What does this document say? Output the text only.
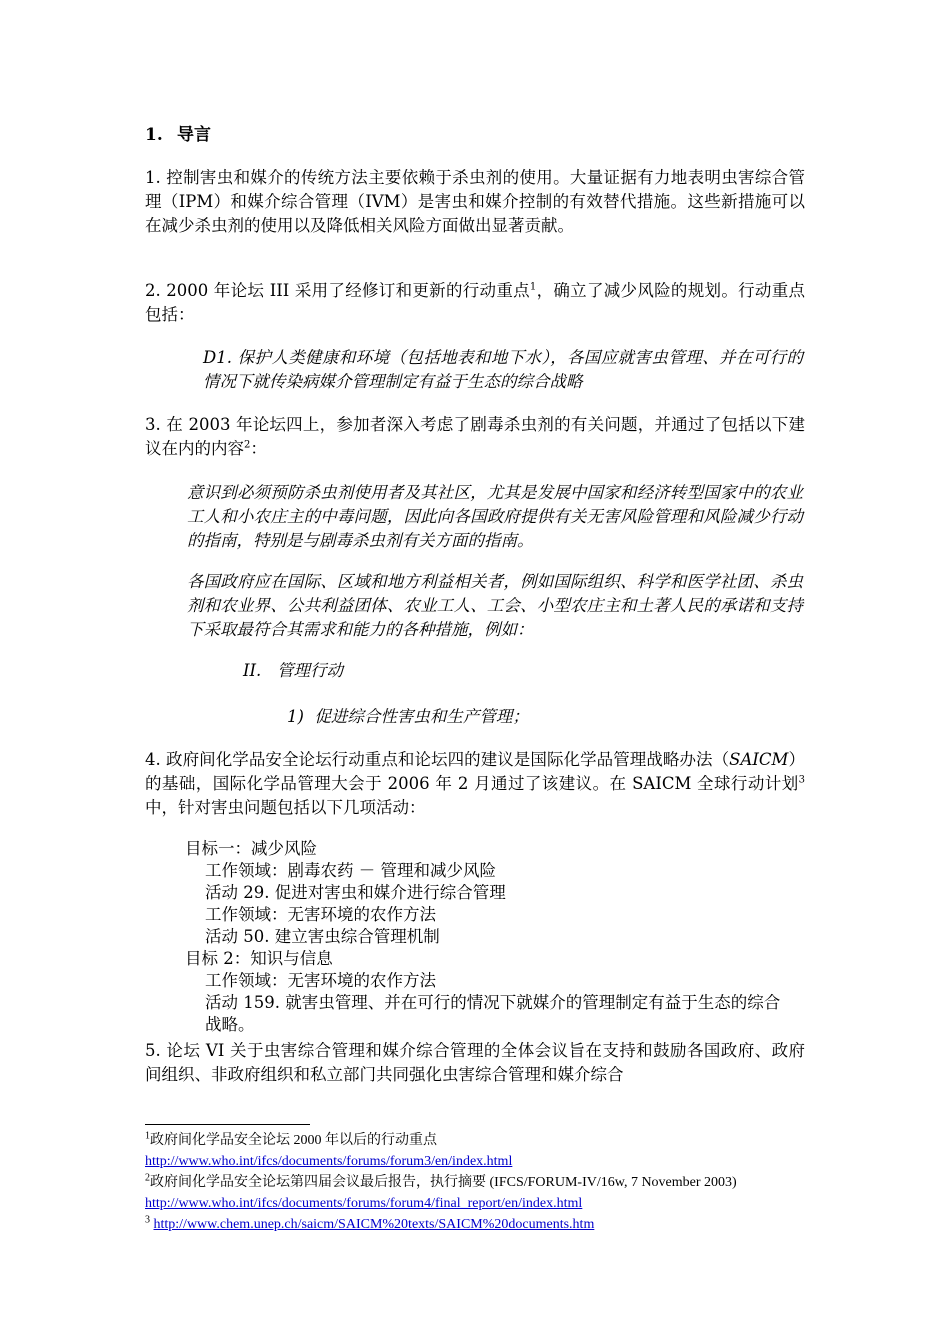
1. 导言
1. 控制害虫和媒介的传统方法主要依赖于杀虫剂的使用。大量证据有力地表明虫害综合管理（IPM）和媒介综合管理（IVM）是害虫和媒介控制的有效替代措施。这些新措施可以在减少杀虫剂的使用以及降低相关风险方面做出显著贡献。
2. 2000 年论坛 III 采用了经修订和更新的行动重点$^1$，确立了减少风险的规划。行动重点包括：
D1. 保护人类健康和环境（包括地表和地下水），各国应就害虫管理、并在可行的情况下就传染病媒介管理制定有益于生态的综合战略
3. 在 2003 年论坛四上，参加者深入考虑了剧毒杀虫剂的有关问题，并通过了包括以下建议在内的内容$^2$：
意识到必须预防杀虫剂使用者及其社区，尤其是发展中国家和经济转型国家中的农业工人和小农庄主的中毒问题，因此向各国政府提供有关无害风险管理和风险减少行动的指南，特别是与剧毒杀虫剂有关方面的指南。
各国政府应在国际、区域和地方利益相关者，例如国际组织、科学和医学社团、杀虫剂和农业界、公共利益团体、农业工人、工会、小型农庄主和土著人民的承诺和支持下采取最符合其需求和能力的各种措施，例如：
II.   管理行动
1)  促进综合性害虫和生产管理；
4. 政府间化学品安全论坛行动重点和论坛四的建议是国际化学品管理战略办法（SAICM）的基础，国际化学品管理大会于 2006 年 2 月通过了该建议。在 SAICM 全球行动计划$^3$中，针对害虫问题包括以下几项活动：
目标一：减少风险
工作领域：剧毒农药 － 管理和减少风险
活动 29. 促进对害虫和媒介进行综合管理
工作领域：无害环境的农作方法
活动 50. 建立害虫综合管理机制
目标 2：知识与信息
工作领域：无害环境的农作方法
活动 159. 就害虫管理、并在可行的情况下就媒介的管理制定有益于生态的综合战略。
5. 论坛 VI 关于虫害综合管理和媒介综合管理的全体会议旨在支持和鼓励各国政府、政府间组织、非政府组织和私立部门共同强化虫害综合管理和媒介综合
$^1$政府间化学品安全论坛 2000 年以后的行动重点
http://www.who.int/ifcs/documents/forums/forum3/en/index.html
$^2$政府间化学品安全论坛第四届会议最后报告，执行摘要 (IFCS/FORUM-IV/16w, 7 November 2003) http://www.who.int/ifcs/documents/forums/forum4/final_report/en/index.html
$^3$ http://www.chem.unep.ch/saicm/SAICM%20texts/SAICM%20documents.htm
